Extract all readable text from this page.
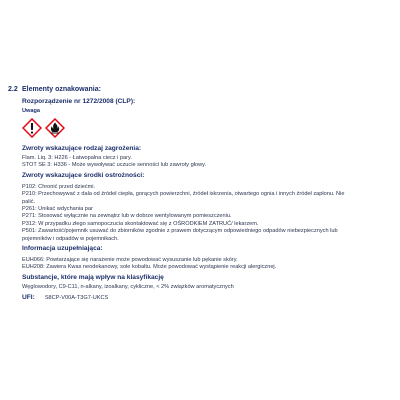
2.2 Elementy oznakowania:
Rozporządzenie nr 1272/2008 (CLP):
Uwaga
Zwroty wskazujące rodzaj zagrożenia:
Flam. Liq. 3: H226 - Łatwopalna ciecz i pary.
STOT SE 3: H336 - Może wywoływać uczucie senności lub zawroty głowy.
Zwroty wskazujące środki ostrożności:
P102: Chronić przed dziećmi.
P210: Przechowywać z dala od źródeł ciepła, gorących powierzchni, źródeł iskrzenia, otwartego ognia i innych źródeł zapłonu. Nie
palić.
P261: Unikać wdychania par
P271: Stosować wyłącznie na zewnątrz lub w dobrze wentylowanym pomieszczeniu.
P312: W przypadku złego samopoczucia skontaktować się z OŚRODKIEM ZATRUĆ/ lekarzem.
P501: Zawartość/pojemnik usuwać do zbiorników zgodnie z prawem dotyczącym odpowiedniego odpadów niebezpiecznych lub
pojemników i odpadów w pojemnikach.
Informacja uzupełniająca:
EUH066: Powtarzające się narażenie może powodować wysuszanie lub pękanie skóry.
EUH208: Zawiera Kwas neodekanowy, sole kobaltu. Może powodować wystąpienie reakcji alergicznej.
Substancje, które mają wpływ na klasyfikację
Węglowodory, C9-C11, n-alkany, izoalkany, cykliczne, < 2% związków aromatycznych
UFI: S8CP-V00A-T3G7-UKCS
